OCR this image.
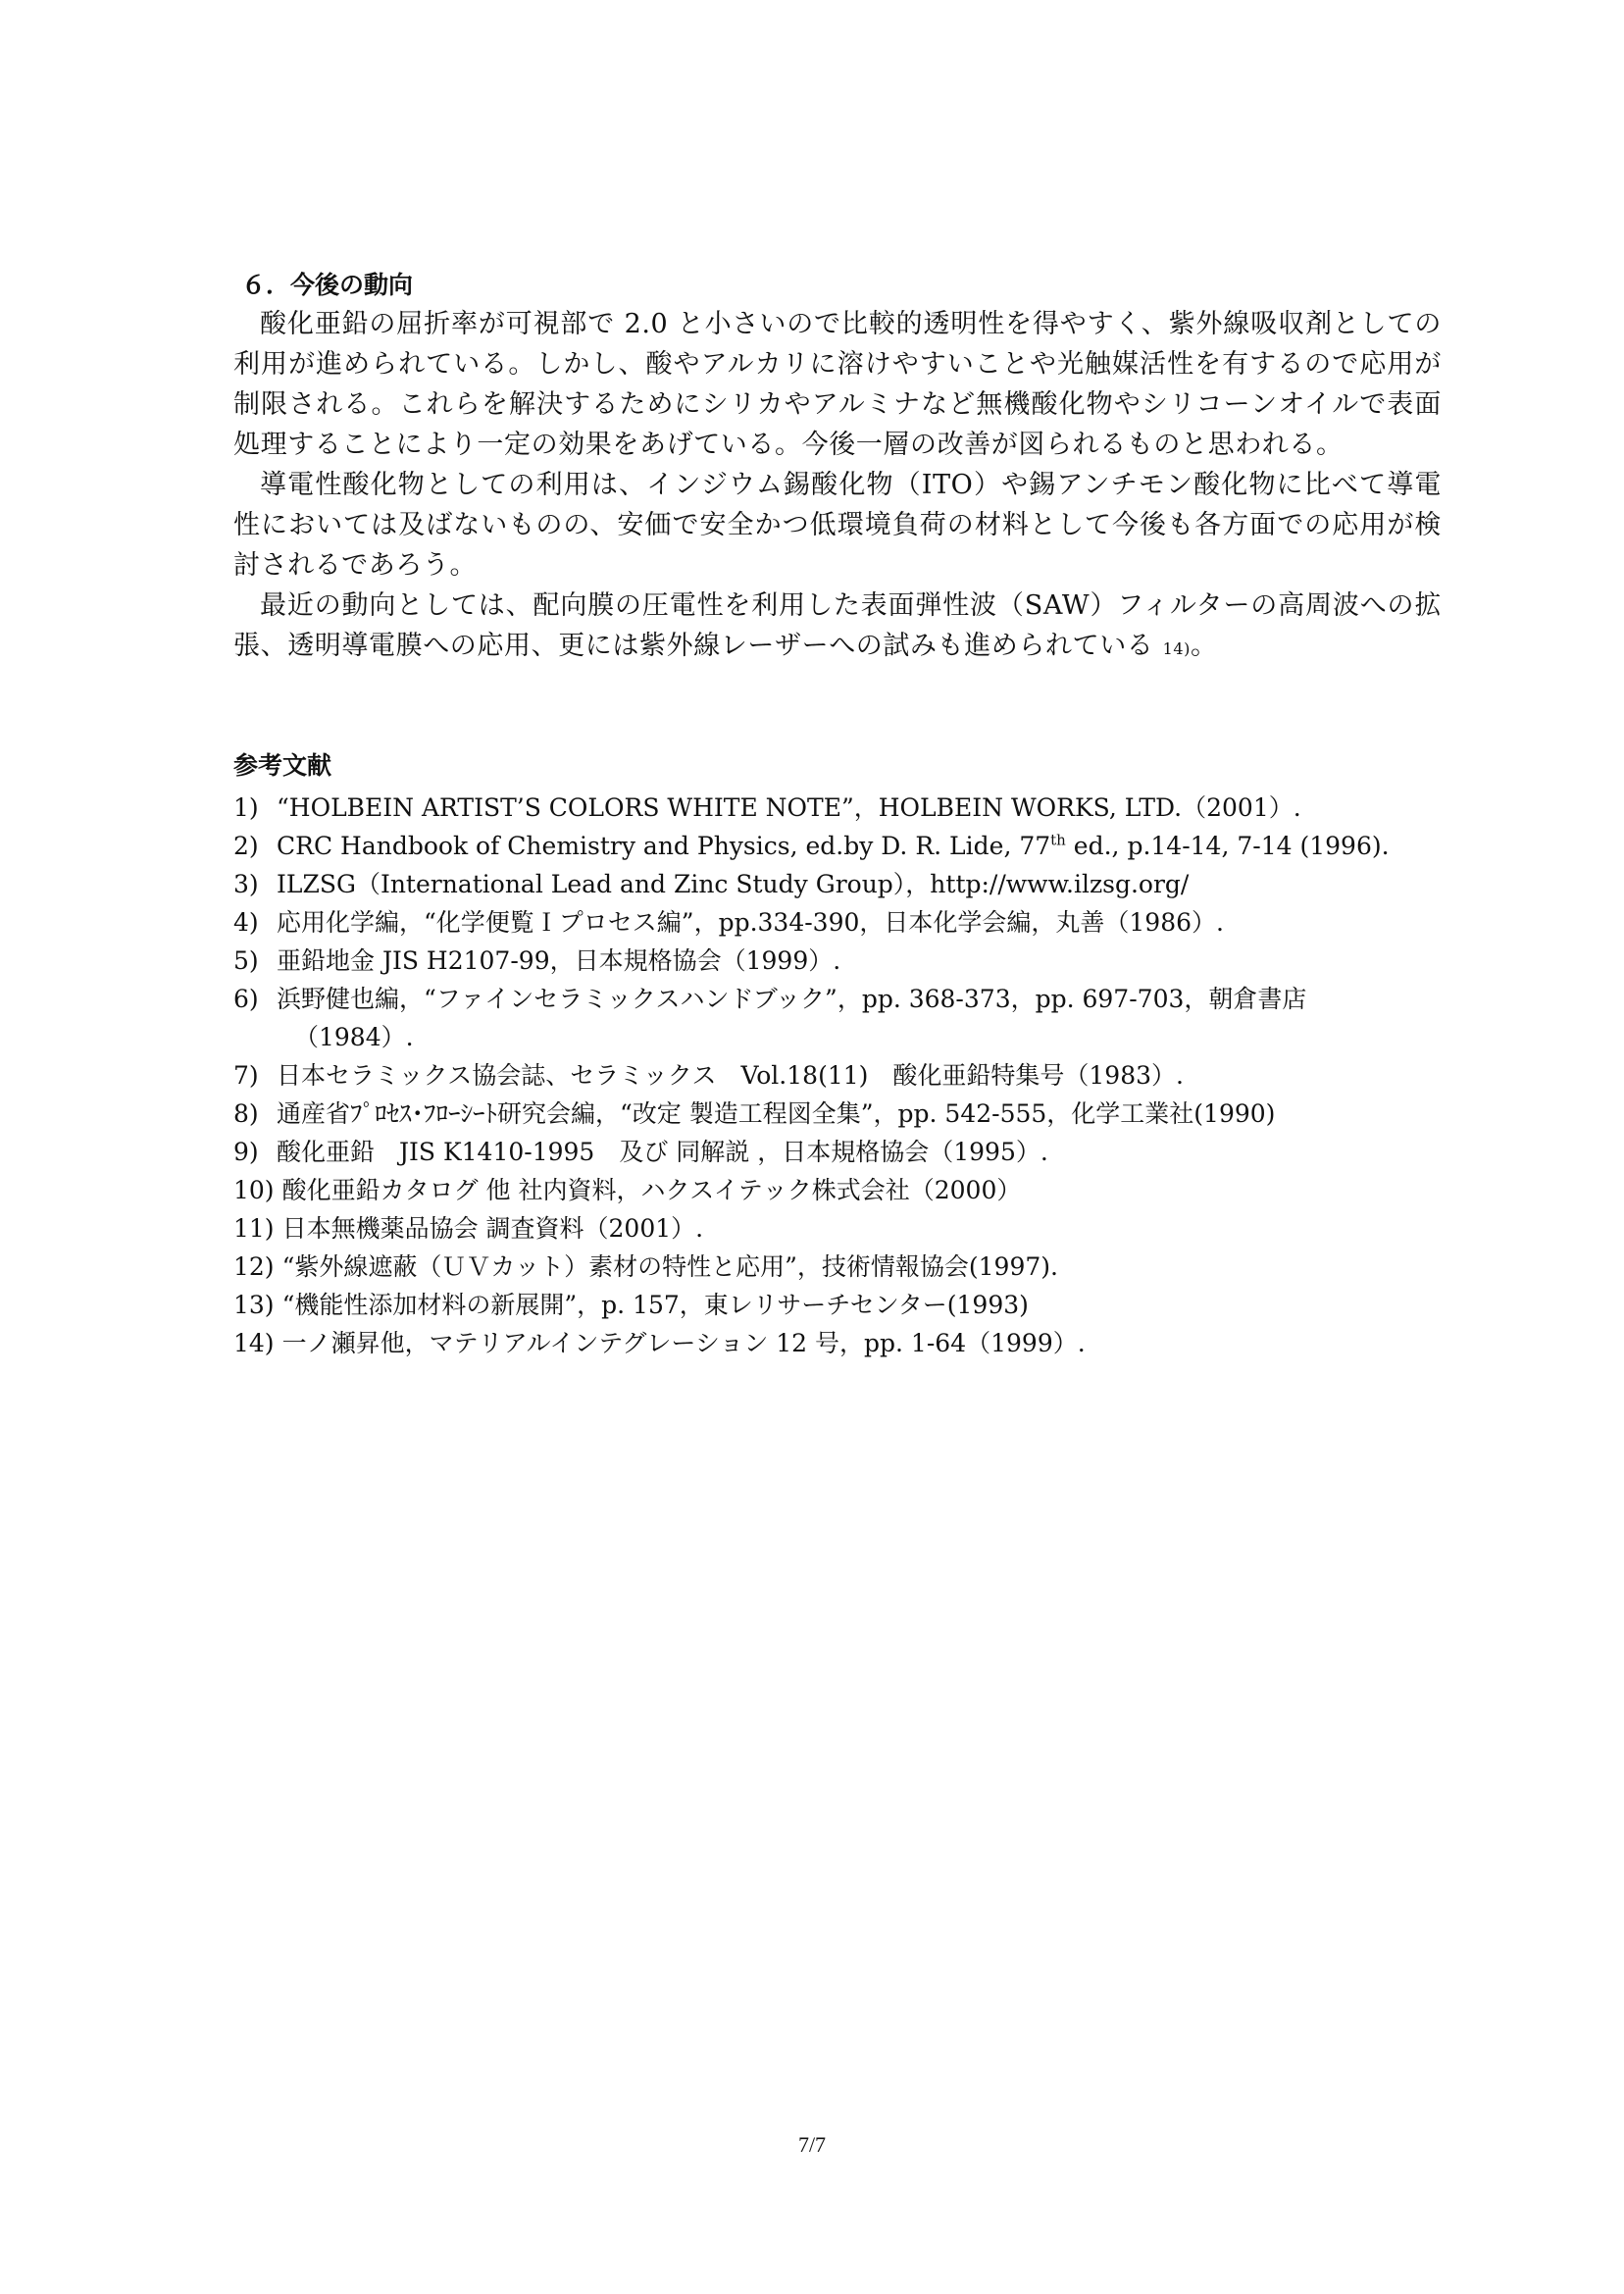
６．今後の動向

酸化亜鉛の屈折率が可視部で 2.0 と小さいので比較的透明性を得やすく、紫外線吸収剤としての利用が進められている。しかし、酸やアルカリに溶けやすいことや光触媒活性を有するので応用が制限される。これらを解決するためにシリカやアルミナなど無機酸化物やシリコーンオイルで表面処理することにより一定の効果をあげている。今後一層の改善が図られるものと思われる。

導電性酸化物としての利用は、インジウム錫酸化物（ITO）や錫アンチモン酸化物に比べて導電性においては及ばないものの、安価で安全かつ低環境負荷の材料として今後も各方面での応用が検討されるであろう。

最近の動向としては、配向膜の圧電性を利用した表面弾性波（SAW）フィルターの高周波への拡張、透明導電膜への応用、更には紫外線レーザーへの試みも進められている 14)。

参考文献
1) “HOLBEIN ARTIST’S COLORS WHITE NOTE”，HOLBEIN WORKS, LTD.（2001）.
2) CRC Handbook of Chemistry and Physics, ed.by D. R. Lide, 77th ed., p.14-14, 7-14 (1996).
3) ILZSG（International Lead and Zinc Study Group），http://www.ilzsg.org/
4) 応用化学編，“化学便覧Ｉプロセス編”，pp.334-390，日本化学会編，丸善（1986）.
5) 亜鉛地金 JIS H2107-99，日本規格協会（1999）.
6) 浜野健也編，“ファインセラミックスハンドブック”，pp. 368-373，pp. 697-703，朝倉書店
（1984）.
7) 日本セラミックス協会誌、セラミックス　Vol.18(11)　酸化亜鉛特集号（1983）.
8) 通産省ﾌﾟﾛｾｽ･ﾌﾛｰｼｰﾄ研究会編，“改定 製造工程図全集”，pp. 542-555，化学工業社(1990)
9) 酸化亜鉛　JIS K1410-1995　及び 同解説 ，日本規格協会（1995）.
10) 酸化亜鉛カタログ 他 社内資料，ハクスイテック株式会社（2000）
11) 日本無機薬品協会 調査資料（2001）.
12) “紫外線遮蔽（ＵＶカット）素材の特性と応用”，技術情報協会(1997).
13) “機能性添加材料の新展開”，p. 157，東レリサーチセンター(1993)
14) 一ノ瀬昇他，マテリアルインテグレーション 12 号，pp. 1-64（1999）.
7/7
